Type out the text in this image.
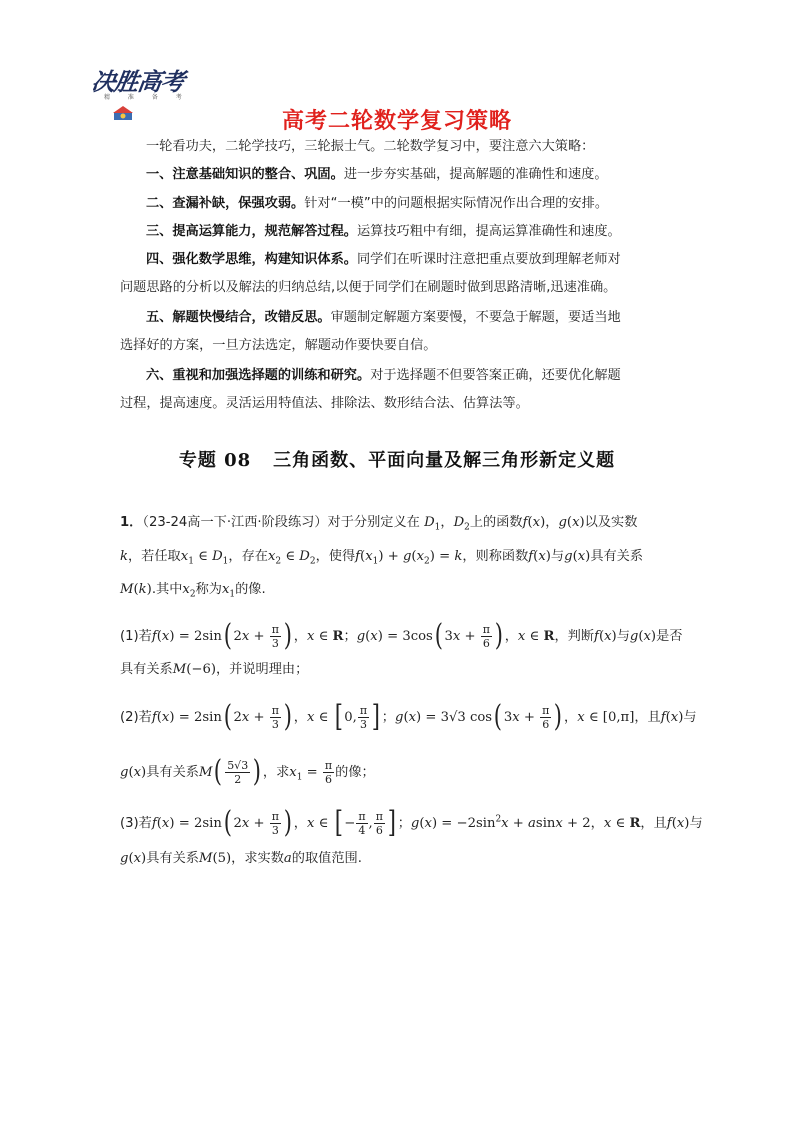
决胜高考
精 准 备 考
高考二轮数学复习策略
一轮看功夫，二轮学技巧，三轮振士气。二轮数学复习中，要注意六大策略：
一、注意基础知识的整合、巩固。进一步夯实基础，提高解题的准确性和速度。
二、查漏补缺，保强攻弱。针对“一模”中的问题根据实际情况作出合理的安排。
三、提高运算能力，规范解答过程。运算技巧粗中有细，提高运算准确性和速度。
四、强化数学思维，构建知识体系。同学们在听课时注意把重点要放到理解老师对
问题思路的分析以及解法的归纳总结,以便于同学们在刷题时做到思路清晰,迅速准确。
五、解题快慢结合，改错反思。审题制定解题方案要慢，不要急于解题，要适当地
选择好的方案，一旦方法选定，解题动作要快要自信。
六、重视和加强选择题的训练和研究。对于选择题不但要答案正确，还要优化解题
过程，提高速度。灵活运用特值法、排除法、数形结合法、估算法等。
专题 08 三角函数、平面向量及解三角形新定义题
1．（23-24高一下·江西·阶段练习）对于分别定义在 $D_1$，$D_2$上的函数f(x)，g(x)以及实数
k，若任取$x_1$ ∈ $D_1$，存在$x_2$ ∈ $D_2$，使得$f(x_1) + g(x_2) = k$，则称函数f(x)与g(x)具有关系
M(k).其中$x_2$称为$x_1$的像.
(1)若f(x) = 2sin( $2x + \frac{\pi}{3}$ ) ，x ∈ R；g(x) = 3cos( $3x + \frac{\pi}{6}$ ) ，x ∈ R，判断f(x)与g(x)是否
具有关系M(−6)，并说明理由；
(2)若f(x) = 2sin( $2x + \frac{\pi}{3}$ ) ，x ∈ [ 0, $\frac{\pi}{3}$ ] ；g(x) = 3√3 cos( $3x + \frac{\pi}{6}$ ) ，x ∈ [0,π]，且f(x)与
g(x)具有关系$M( \frac{5√3}{2}$ ) ，求$x_1 = \frac{\pi}{6}$ 的像；
(3)若f(x) = 2sin( $2x + \frac{\pi}{3}$ ) ，x ∈ [ − $\frac{\pi}{4}$ , $\frac{\pi}{6}$ ] ；$g(x) = -2\sin^2x + asinx + 2$，x ∈ R，且f(x)与
g(x)具有关系M(5)，求实数a的取值范围.
